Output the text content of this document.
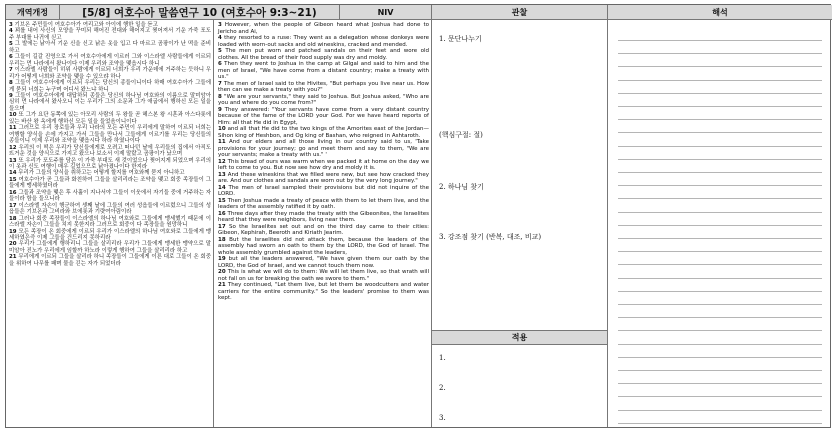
개역개정	[5/8] 여호수아 말씀연구 10 (여호수아 9:3~21)	NIV	관찰	해석
3 기브온 주민들이 여호수아가 여리고와 아이에 행한 일을 듣고
4 꾀를 내어 사신의 모양을 꾸미되 해어진 전대와 해어지고 찢어져서 기운 가죽 포도주 부대를 나귀에 싣고
5 그 발에는 낡아서 기운 신을 신고 낡은 옷을 입고 다 마르고 곰팡이가 난 떡을 준비하고
6 그들이 길갈 진영으로 가서 여호수아에게 이르러 그와 이스라엘 사람들에게 이르되 우리는 먼 나라에서 왔나이다 이제 우리와 조약을 맺읍시다 하니
7 이스라엘 사람들이 히위 사람에게 이르되 너희가 우리 가운데에 거주하는 듯하니 우리가 어떻게 너희와 조약을 맺을 수 있으랴 하나
8 그들이 여호수아에게 이르되 우리는 당신의 종들이니이다 하매 여호수아가 그들에게 묻되 너희는 누구며 어디서 왔느냐 하니
9 그들이 여호수아에게 대답하되 종들은 당신의 하나님 여호와의 이름으로 말미암아 심히 먼 나라에서 왔사오니 이는 우리가 그의 소문과 그가 애굽에서 행하신 모든 일을 들으며
10 또 그가 요단 동쪽에 있는 아모리 사람의 두 왕들 곧 헤스본 왕 시혼과 아스다롯에 있는 바산 왕 옥에게 행하신 모든 일을 들었음이니이다
11 그러므로 우리 장로들과 우리 나라의 모든 주민이 우리에게 말하여 이르되 너희는 여행할 양식을 손에 가지고 가서 그들을 만나서 그들에게 이르기를 우리는 당신들의 종들이니 이제 우리와 조약을 맺읍시다 하라 하였나이다
12 우리의 이 떡은 우리가 당신들에게로 오려고 떠나던 날에 우리들의 집에서 아직도 뜨거운 것을 양식으로 가지고 왔으나 보소서 이제 말랐고 곰팡이가 났으며
13 또 우리가 포도주를 담은 이 가죽 부대도 새 것이었으나 찢어지게 되었으며 우리의 이 옷과 신도 여행이 매우 길었으므로 낡아졌나이다 한지라
14 무리가 그들의 양식을 취하고는 어떻게 할지를 여호와께 묻지 아니하고
15 여호수아가 곧 그들과 화친하여 그들을 살리리라는 조약을 맺고 회중 족장들이 그들에게 맹세하였더라
16 그들과 조약을 맺은 후 사흘이 지나서야 그들이 이웃에서 자기들 중에 거주하는 자들이라 함을 들으니라
17 이스라엘 자손이 행군하여 셋째 날에 그들의 여러 성읍들에 이르렀으니 그들의 성읍들은 기브온과 그비라와 브에롯과 기럇여아림이라
18 그러나 회중 족장들이 이스라엘의 하나님 여호와로 그들에게 맹세했기 때문에 이스라엘 자손이 그들을 치지 못한지라 그러므로 회중이 다 족장들을 원망하니
19 모든 족장이 온 회중에게 이르되 우리가 이스라엘의 하나님 여호와로 그들에게 맹세하였은즉 이제 그들을 건드리지 못하리라
20 우리가 그들에게 행하리니 그들을 살리리라 우리가 그들에게 맹세한 맹약으로 말미암아 진노가 우리에게 임할까 하노라 이렇게 행하여 그들을 살리리라 하고
21 무리에게 이르되 그들을 살리라 하니 족장들이 그들에게 이른 대로 그들이 온 회중을 위하여 나무를 패며 물을 긷는 자가 되었더라
3 However, when the people of Gibeon heard what Joshua had done to Jericho and Ai,
4 they resorted to a ruse: They went as a delegation whose donkeys were loaded with worn-out sacks and old wineskins, cracked and mended.
5 The men put worn and patched sandals on their feet and wore old clothes. All the bread of their food supply was dry and moldy.
6 Then they went to Joshua in the camp at Gilgal and said to him and the men of Israel, "We have come from a distant country; make a treaty with us."
7 The men of Israel said to the Hivites, "But perhaps you live near us. How then can we make a treaty with you?"
8 "We are your servants," they said to Joshua. But Joshua asked, "Who are you and where do you come from?"
9 They answered: "Your servants have come from a very distant country because of the fame of the LORD your God. For we have heard reports of Him: all that He did in Egypt,
10 and all that He did to the two kings of the Amorites east of the Jordan—Sihon king of Heshbon, and Og king of Bashan, who reigned in Ashtaroth.
11 And our elders and all those living in our country said to us, 'Take provisions for your journey; go and meet them and say to them, "We are your servants; make a treaty with us." '
12 This bread of ours was warm when we packed it at home on the day we left to come to you. But now see how dry and moldy it is.
13 And these wineskins that we filled were new, but see how cracked they are. And our clothes and sandals are worn out by the very long journey."
14 The men of Israel sampled their provisions but did not inquire of the LORD.
15 Then Joshua made a treaty of peace with them to let them live, and the leaders of the assembly ratified it by oath.
16 Three days after they made the treaty with the Gibeonites, the Israelites heard that they were neighbors, living near them.
17 So the Israelites set out and on the third day came to their cities: Gibeon, Kephirah, Beeroth and Kiriath Jearim.
18 But the Israelites did not attack them, because the leaders of the assembly had sworn an oath to them by the LORD, the God of Israel. The whole assembly grumbled against the leaders,
19 but all the leaders answered, "We have given them our oath by the LORD, the God of Israel, and we cannot touch them now.
20 This is what we will do to them: We will let them live, so that wrath will not fall on us for breaking the oath we swore to them."
21 They continued, "Let them live, but let them be woodcutters and water carriers for the entire community." So the leaders' promise to them was kept.
1. 문단나누기
(핵심구절: 절)
2. 하나님 찾기
3. 강조점 찾기 (반복, 대조, 비교)
적용
1.
2.
3.
